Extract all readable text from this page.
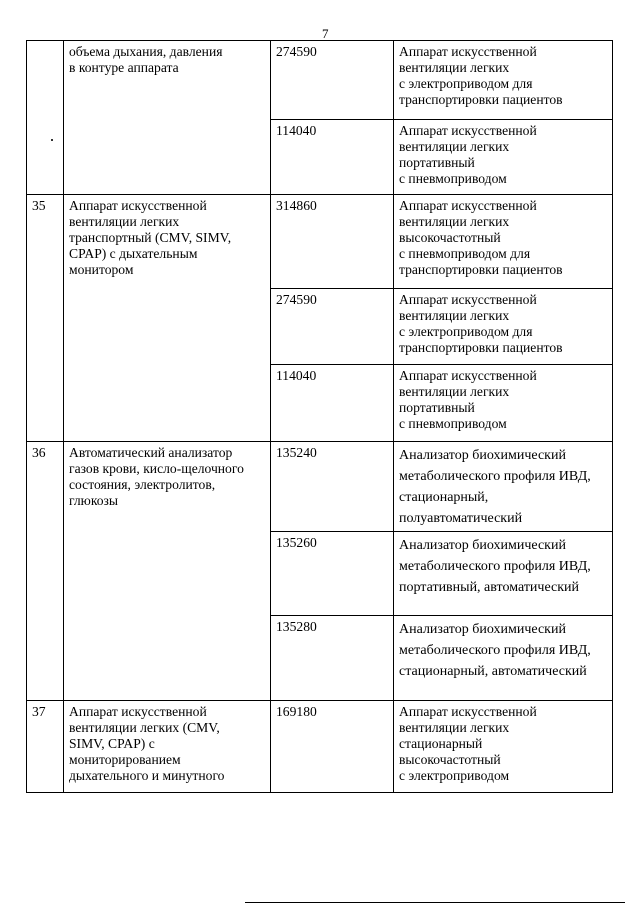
7
	объема дыхания, давления
в контуре аппарата	274590	Аппарат искусственной
вентиляции легких
с электроприводом для
транспортировки пациентов
		114040	Аппарат искусственной
вентиляции легких
портативный
с пневмоприводом
35	Аппарат искусственной
вентиляции легких
транспортный (CMV, SIMV,
CPAP) с дыхательным
монитором	314860	Аппарат искусственной
вентиляции легких
высокочастотный
с пневмоприводом для
транспортировки пациентов
		274590	Аппарат искусственной
вентиляции легких
с электроприводом для
транспортировки пациентов
		114040	Аппарат искусственной
вентиляции легких
портативный
с пневмоприводом
36	Автоматический анализатор
газов крови, кисло-щелочного
состояния, электролитов,
глюкозы	135240	Анализатор биохимический
метаболического профиля ИВД,
стационарный,
полуавтоматический
		135260	Анализатор биохимический
метаболического профиля ИВД,
портативный, автоматический
		135280	Анализатор биохимический
метаболического профиля ИВД,
стационарный, автоматический
37	Аппарат искусственной
вентиляции легких (CMV,
SIMV, CPAP) с
мониторированием
дыхательного и минутного	169180	Аппарат искусственной
вентиляции легких
стационарный
высокочастотный
с электроприводом
